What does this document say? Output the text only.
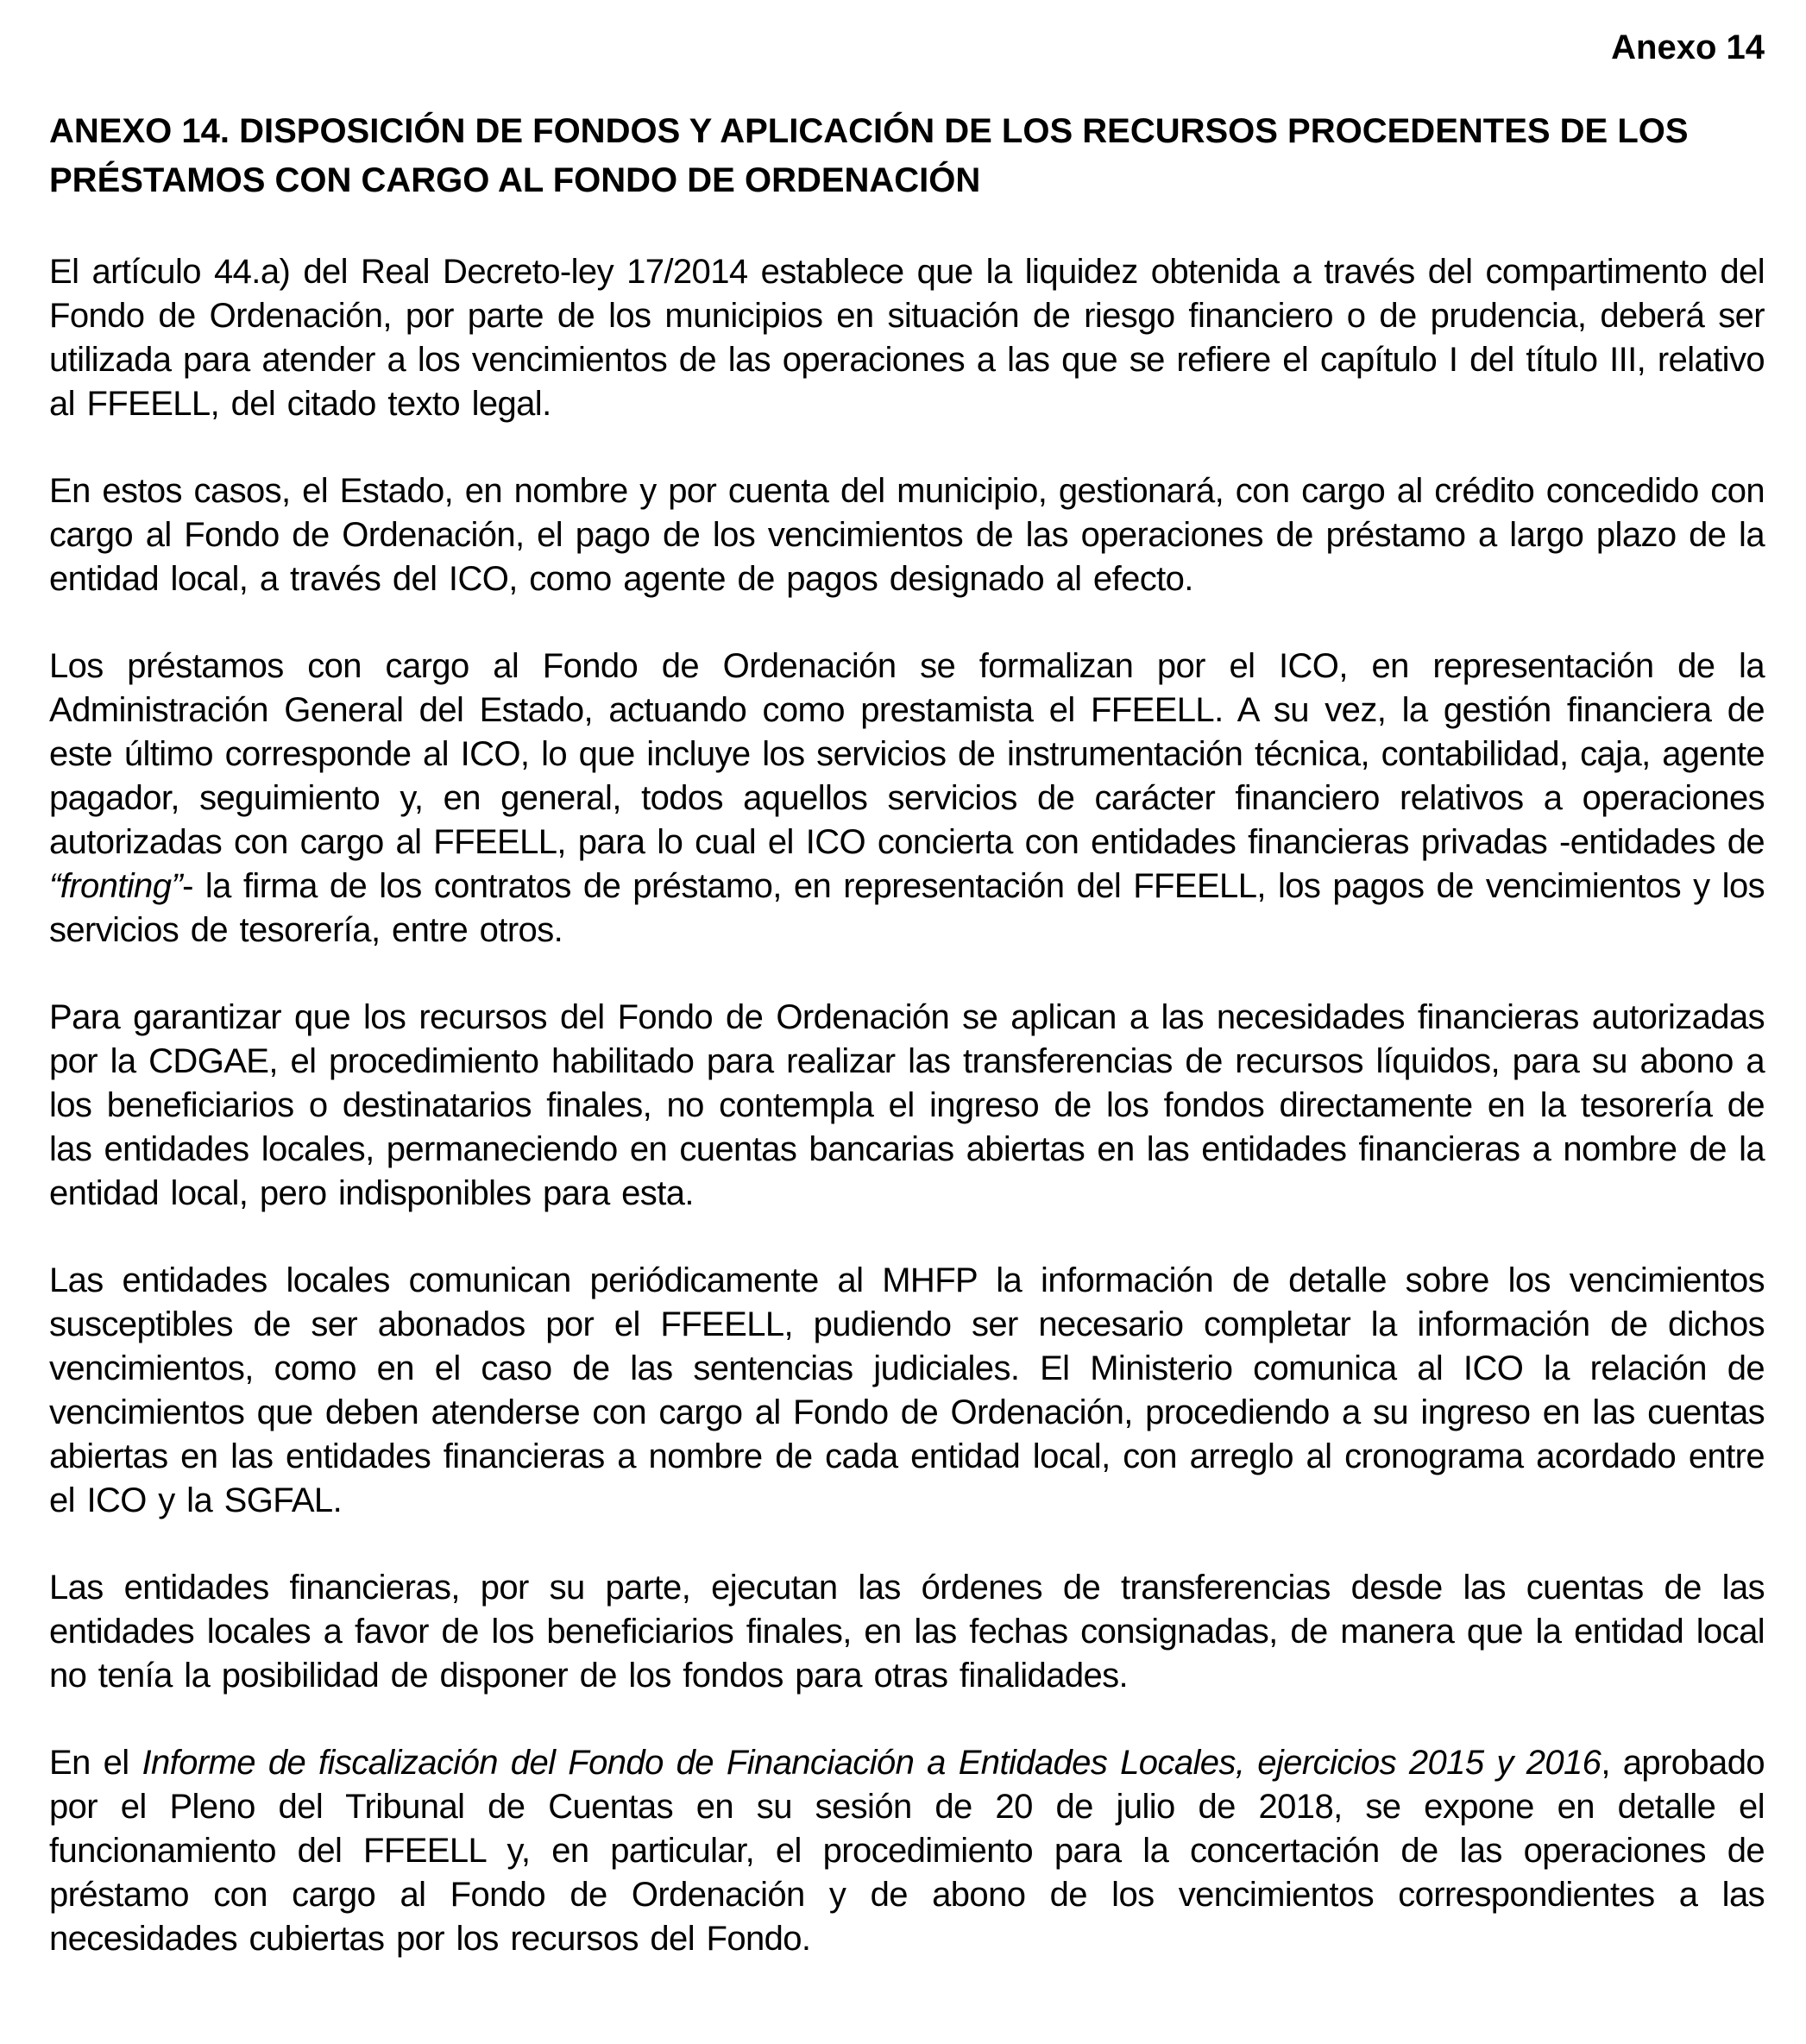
Anexo 14
ANEXO 14. DISPOSICIÓN DE FONDOS Y APLICACIÓN DE LOS RECURSOS PROCEDENTES DE LOS PRÉSTAMOS CON CARGO AL FONDO DE ORDENACIÓN

El artículo 44.a) del Real Decreto-ley 17/2014 establece que la liquidez obtenida a través del compartimento del Fondo de Ordenación, por parte de los municipios en situación de riesgo financiero o de prudencia, deberá ser utilizada para atender a los vencimientos de las operaciones a las que se refiere el capítulo I del título III, relativo al FFEELL, del citado texto legal.

En estos casos, el Estado, en nombre y por cuenta del municipio, gestionará, con cargo al crédito concedido con cargo al Fondo de Ordenación, el pago de los vencimientos de las operaciones de préstamo a largo plazo de la entidad local, a través del ICO, como agente de pagos designado al efecto.

Los préstamos con cargo al Fondo de Ordenación se formalizan por el ICO, en representación de la Administración General del Estado, actuando como prestamista el FFEELL. A su vez, la gestión financiera de este último corresponde al ICO, lo que incluye los servicios de instrumentación técnica, contabilidad, caja, agente pagador, seguimiento y, en general, todos aquellos servicios de carácter financiero relativos a operaciones autorizadas con cargo al FFEELL, para lo cual el ICO concierta con entidades financieras privadas -entidades de “fronting”- la firma de los contratos de préstamo, en representación del FFEELL, los pagos de vencimientos y los servicios de tesorería, entre otros.

Para garantizar que los recursos del Fondo de Ordenación se aplican a las necesidades financieras autorizadas por la CDGAE, el procedimiento habilitado para realizar las transferencias de recursos líquidos, para su abono a los beneficiarios o destinatarios finales, no contempla el ingreso de los fondos directamente en la tesorería de las entidades locales, permaneciendo en cuentas bancarias abiertas en las entidades financieras a nombre de la entidad local, pero indisponibles para esta.

Las entidades locales comunican periódicamente al MHFP la información de detalle sobre los vencimientos susceptibles de ser abonados por el FFEELL, pudiendo ser necesario completar la información de dichos vencimientos, como en el caso de las sentencias judiciales. El Ministerio comunica al ICO la relación de vencimientos que deben atenderse con cargo al Fondo de Ordenación, procediendo a su ingreso en las cuentas abiertas en las entidades financieras a nombre de cada entidad local, con arreglo al cronograma acordado entre el ICO y la SGFAL.

Las entidades financieras, por su parte, ejecutan las órdenes de transferencias desde las cuentas de las entidades locales a favor de los beneficiarios finales, en las fechas consignadas, de manera que la entidad local no tenía la posibilidad de disponer de los fondos para otras finalidades.

En el Informe de fiscalización del Fondo de Financiación a Entidades Locales, ejercicios 2015 y 2016, aprobado por el Pleno del Tribunal de Cuentas en su sesión de 20 de julio de 2018, se expone en detalle el funcionamiento del FFEELL y, en particular, el procedimiento para la concertación de las operaciones de préstamo con cargo al Fondo de Ordenación y de abono de los vencimientos correspondientes a las necesidades cubiertas por los recursos del Fondo.
